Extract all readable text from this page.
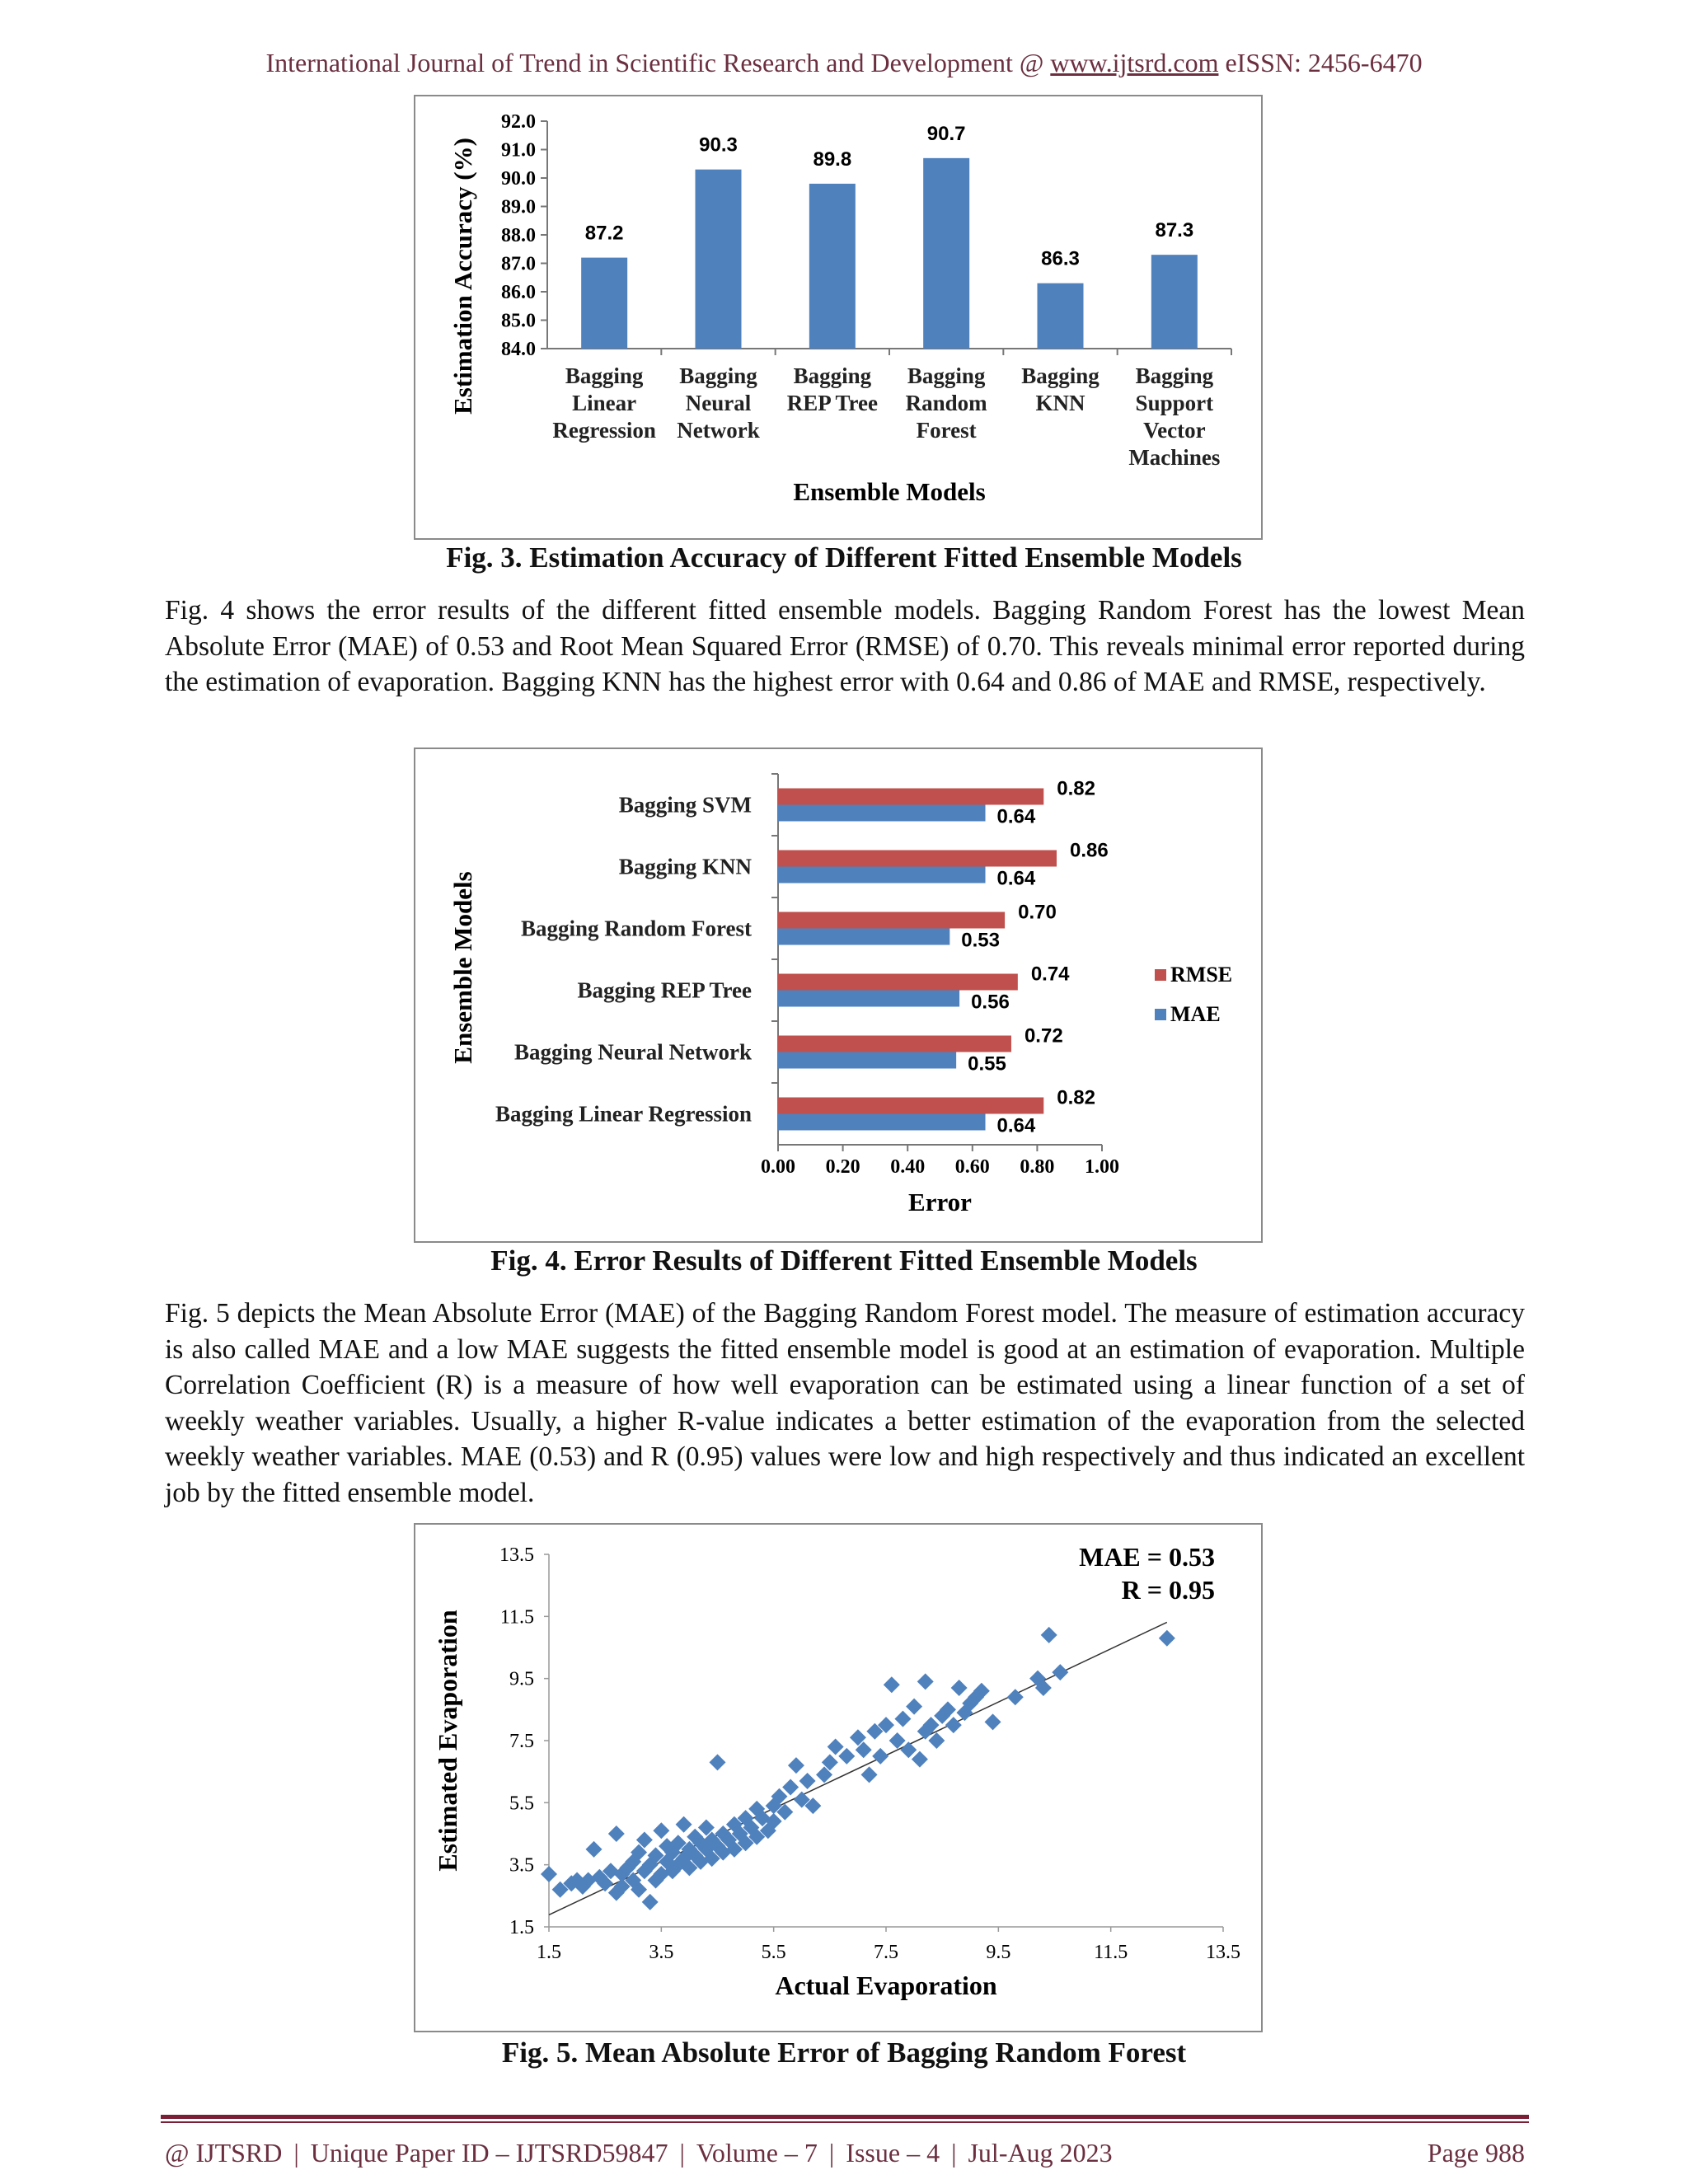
International Journal of Trend in Scientific Research and Development @ www.ijtsrd.com eISSN: 2456-6470
84.0
85.0
86.0
87.0
88.0
89.0
90.0
91.0
92.0
87.2
Bagging
Linear
Regression
90.3
Bagging
Neural
Network
89.8
Bagging
REP Tree
90.7
Bagging
Random
Forest
86.3
Bagging
KNN
87.3
Bagging
Support
Vector
Machines
Ensemble Models
Estimation Accuracy (%)
Fig. 3. Estimation Accuracy of Different Fitted Ensemble Models
Fig. 4 shows the error results of the different fitted ensemble models. Bagging Random Forest has the lowest Mean Absolute Error (MAE) of 0.53 and Root Mean Squared Error (RMSE) of 0.70. This reveals minimal error reported during the estimation of evaporation. Bagging KNN has the highest error with 0.64 and 0.86 of MAE and RMSE, respectively.
0.00 0.20 0.40 0.60 0.80 1.00
0.82
0.64
Bagging SVM
0.86
0.64
Bagging KNN
0.70
0.53
Bagging Random Forest
0.74
0.56
Bagging REP Tree
0.72
0.55
Bagging Neural Network
0.82
0.64
Bagging Linear Regression
Error
Ensemble Models	RMSE
MAE
Fig. 4. Error Results of Different Fitted Ensemble Models
Fig. 5 depicts the Mean Absolute Error (MAE) of the Bagging Random Forest model. The measure of estimation accuracy is also called MAE and a low MAE suggests the fitted ensemble model is good at an estimation of evaporation. Multiple Correlation Coefficient (R) is a measure of how well evaporation can be estimated using a linear function of a set of weekly weather variables. Usually, a higher R-value indicates a better estimation of the evaporation from the selected weekly weather variables. MAE (0.53) and R (0.95) values were low and high respectively and thus indicated an excellent job by the fitted ensemble model.
1.5
3.5
5.5
7.5
9.5
11.5
13.5
1.5	3.5	5.5	7.5	9.5	11.5	13.5
MAE = 0.53
R = 0.95
Actual Evaporation
Estimated Evaporation
Fig. 5. Mean Absolute Error of Bagging Random Forest
@ IJTSRD | Unique Paper ID – IJTSRD59847 | Volume – 7 | Issue – 4 | Jul-Aug 2023	Page 988
